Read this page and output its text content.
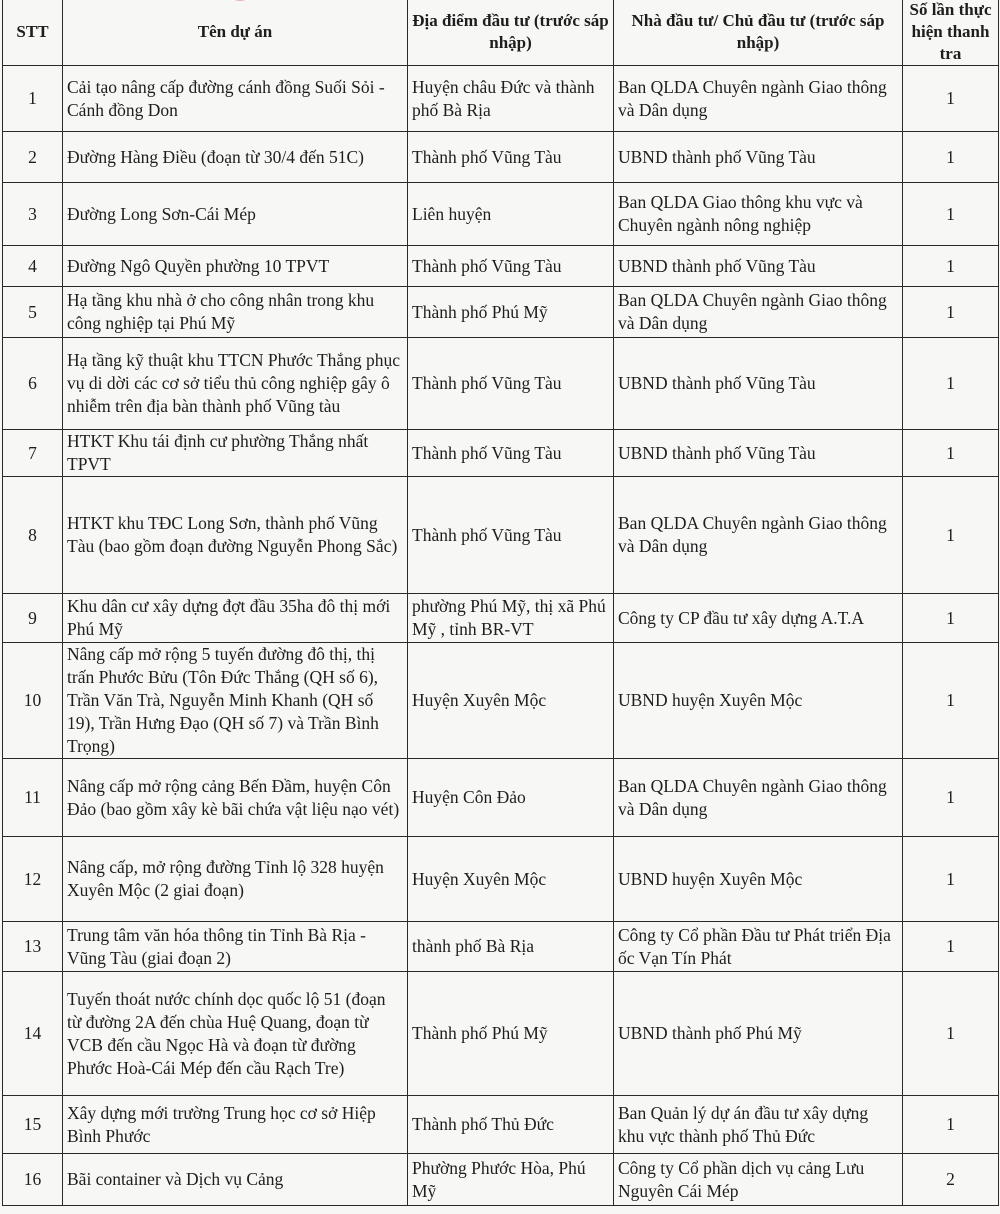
STT	Tên dự án	Địa điểm đầu tư (trước sáp nhập)	Nhà đầu tư/ Chủ đầu tư (trước sáp nhập)	Số lần thực hiện thanh tra
1	Cải tạo nâng cấp đường cánh đồng Suối Sỏi - Cánh đồng Don	Huyện châu Đức và thành phố Bà Rịa	Ban QLDA Chuyên ngành Giao thông và Dân dụng	1
2	Đường Hàng Điều (đoạn từ 30/4 đến 51C)	Thành phố Vũng Tàu	UBND thành phố Vũng Tàu	1
3	Đường Long Sơn-Cái Mép	Liên huyện	Ban QLDA Giao thông khu vực và Chuyên ngành nông nghiệp	1
4	Đường Ngô Quyền phường 10 TPVT	Thành phố Vũng Tàu	UBND thành phố Vũng Tàu	1
5	Hạ tầng khu nhà ở cho công nhân trong khu công nghiệp tại Phú Mỹ	Thành phố Phú Mỹ	Ban QLDA Chuyên ngành Giao thông và Dân dụng	1
6	Hạ tầng kỹ thuật khu TTCN Phước Thắng phục vụ di dời các cơ sở tiểu thủ công nghiệp gây ô nhiễm trên địa bàn thành phố Vũng tàu	Thành phố Vũng Tàu	UBND thành phố Vũng Tàu	1
7	HTKT Khu tái định cư phường Thắng nhất TPVT	Thành phố Vũng Tàu	UBND thành phố Vũng Tàu	1
8	HTKT khu TĐC Long Sơn, thành phố Vũng Tàu (bao gồm đoạn đường Nguyễn Phong Sắc)	Thành phố Vũng Tàu	Ban QLDA Chuyên ngành Giao thông và Dân dụng	1
9	Khu dân cư xây dựng đợt đầu 35ha đô thị mới Phú Mỹ	phường Phú Mỹ, thị xã Phú Mỹ , tỉnh BR-VT	Công ty CP đầu tư xây dựng A.T.A	1
10	Nâng cấp mở rộng 5 tuyến đường đô thị, thị trấn Phước Bửu (Tôn Đức Thắng (QH số 6), Trần Văn Trà, Nguyễn Minh Khanh (QH số 19), Trần Hưng Đạo (QH số 7) và Trần Bình Trọng)	Huyện Xuyên Mộc	UBND huyện Xuyên Mộc	1
11	Nâng cấp mở rộng cảng Bến Đầm, huyện Côn Đảo (bao gồm xây kè bãi chứa vật liệu nạo vét)	Huyện Côn Đảo	Ban QLDA Chuyên ngành Giao thông và Dân dụng	1
12	Nâng cấp, mở rộng đường Tỉnh lộ 328 huyện Xuyên Mộc (2 giai đoạn)	Huyện Xuyên Mộc	UBND huyện Xuyên Mộc	1
13	Trung tâm văn hóa thông tin Tỉnh Bà Rịa - Vũng Tàu (giai đoạn 2)	thành phố Bà Rịa	Công ty Cổ phần Đầu tư Phát triển Địa ốc Vạn Tín Phát	1
14	Tuyến thoát nước chính dọc quốc lộ 51 (đoạn từ đường 2A đến chùa Huệ Quang, đoạn từ VCB đến cầu Ngọc Hà và đoạn từ đường Phước Hoà-Cái Mép đến cầu Rạch Tre)	Thành phố Phú Mỹ	UBND thành phố Phú Mỹ	1
15	Xây dựng mới trường Trung học cơ sở Hiệp Bình Phước	Thành phố Thủ Đức	Ban Quản lý dự án đầu tư xây dựng khu vực thành phố Thủ Đức	1
16	Bãi container và Dịch vụ Cảng	Phường Phước Hòa, Phú Mỹ	Công ty Cổ phần dịch vụ cảng Lưu Nguyên Cái Mép	2
